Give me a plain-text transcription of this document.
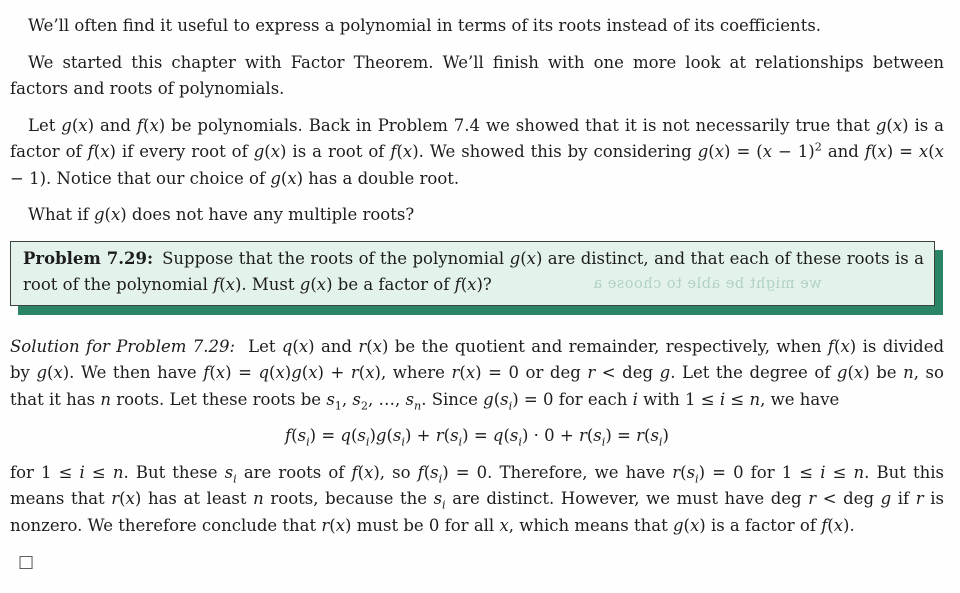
We’ll often find it useful to express a polynomial in terms of its roots instead of its coefficients.

We started this chapter with Factor Theorem. We’ll finish with one more look at relationships between factors and roots of polynomials.

Let g(x) and f(x) be polynomials. Back in Problem 7.4 we showed that it is not necessarily true that g(x) is a factor of f(x) if every root of g(x) is a root of f(x). We showed this by considering $g(x) = (x - 1)^2$ and f(x) = x(x − 1). Notice that our choice of g(x) has a double root.

What if g(x) does not have any multiple roots?

Problem 7.29: Suppose that the roots of the polynomial g(x) are distinct, and that each of these roots is a root of the polynomial f(x). Must g(x) be a factor of f(x)?	we might be able to choose a

Solution for Problem 7.29: Let q(x) and r(x) be the quotient and remainder, respectively, when f(x) is divided by g(x). We then have f(x) = q(x)g(x) + r(x), where r(x) = 0 or deg r < deg g. Let the degree of g(x) be n, so that it has n roots. Let these roots be $s_1$, $s_2$, …, $s_n$. Since $g(s_i) = 0$ for each i with 1 ≤ i ≤ n, we have

$f(s_i) = q(s_i)g(s_i) + r(s_i) = q(s_i) \cdot 0 + r(s_i) = r(s_i)$

for 1 ≤ i ≤ n. But these $s_i$ are roots of f(x), so $f(s_i) = 0$. Therefore, we have $r(s_i) = 0$ for 1 ≤ i ≤ n. But this means that r(x) has at least n roots, because the $s_i$ are distinct. However, we must have deg r < deg g if r is nonzero. We therefore conclude that r(x) must be 0 for all x, which means that g(x) is a factor of f(x).

□
